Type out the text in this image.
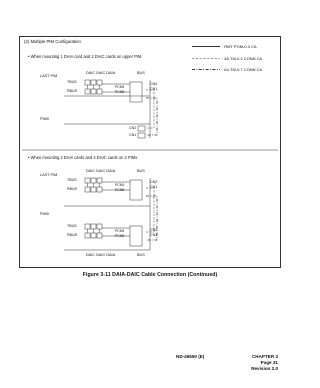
(2) Multiple PIM Configuration
: RMT POM-0.3 CA
: 48-TM-0.2 CONN CA
: 64-TM-0.7 CONN CA
• When mounting 1 DAIA card and 2 DAIC cards on upper PIM
DAIC DAIC DAIA	BUS
LAST PIM
TBUS
RBUS
PCM1
PCM0
CN2
CN1
PIM0
CN2
CN1
• When mounting 2 DAIA cards and 4 DAIC cards on 2 PIMs
DAIC DAIC DAIA	BUS
LAST PIM
TBUS
RBUS
PCM1
PCM0
CN2
CN1
PIM0
TBUS
RBUS
PCM1
PCM0
CN2
CN1
DAIC DAIC DAIA	BUS
Figure 3-11 DAIA-DAIC Cable Connection (Continued)
ND-46550 (E)	CHAPTER 3
Page 31
Revision 2.0
